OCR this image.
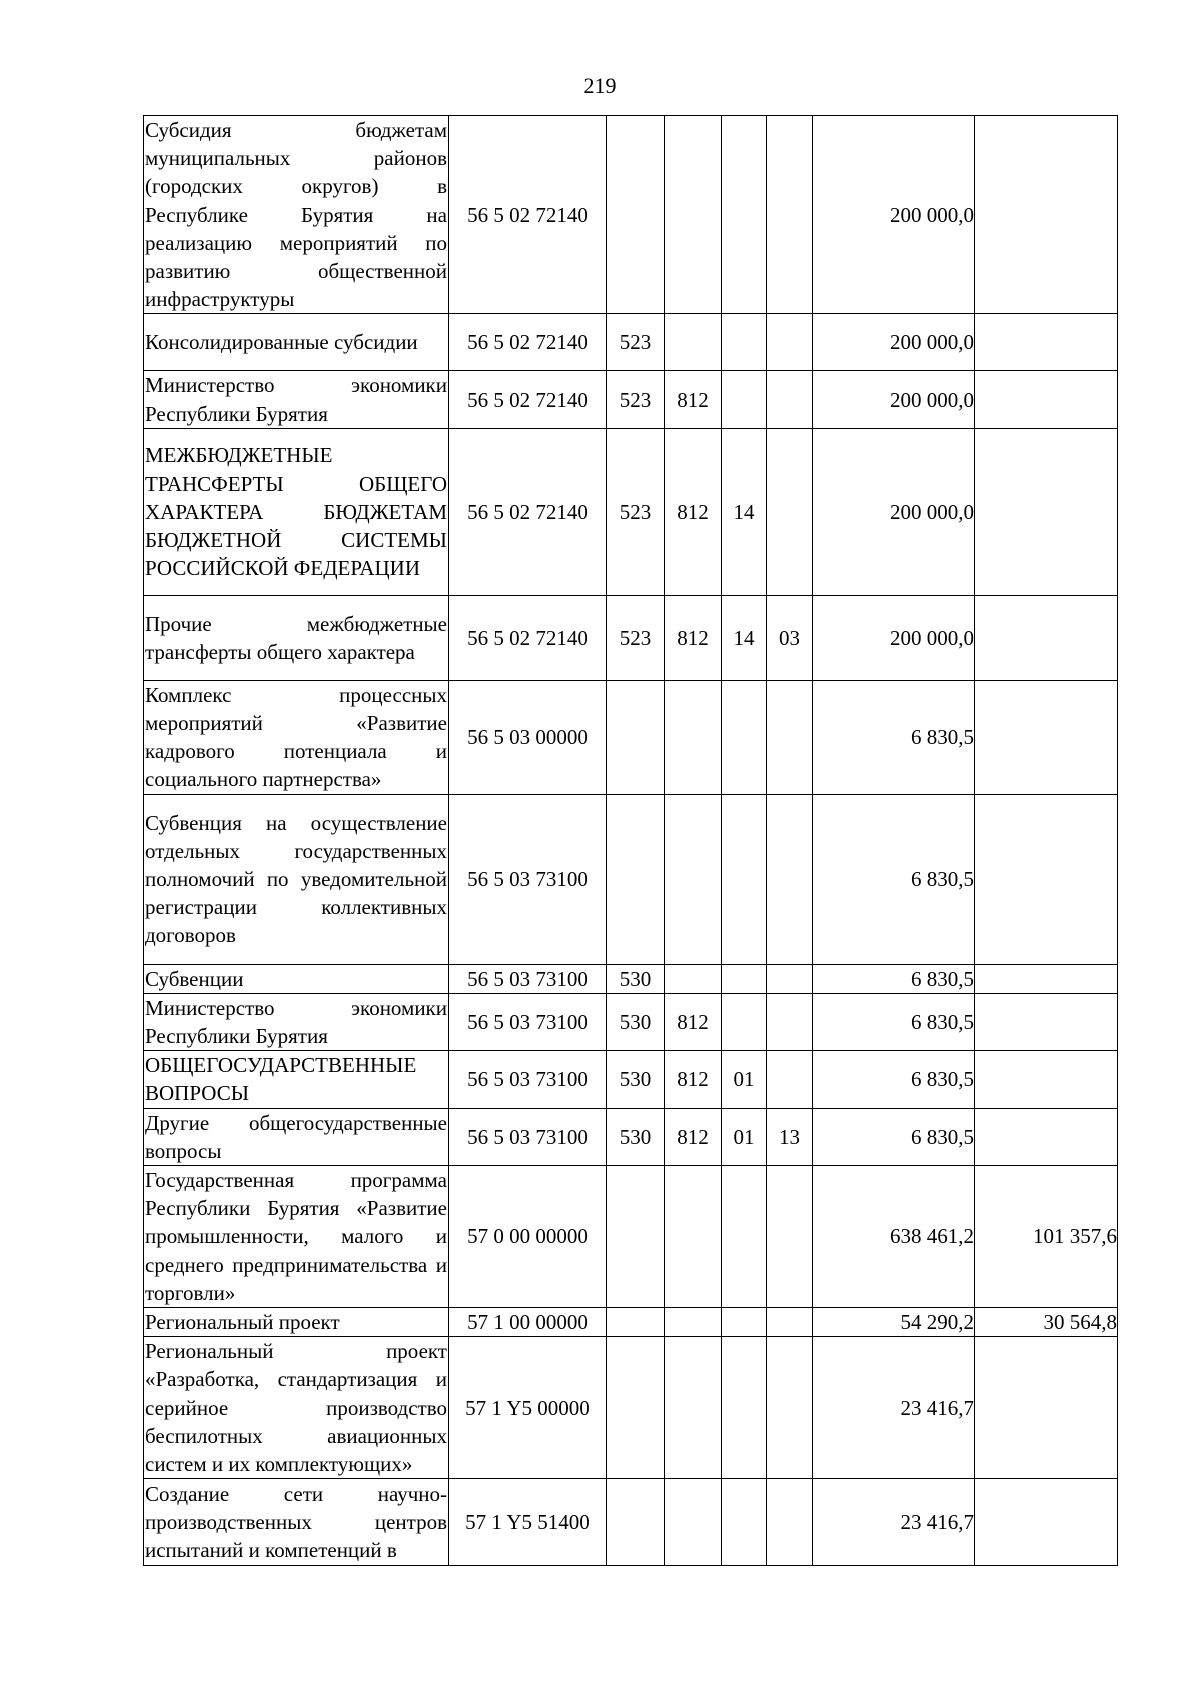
219
Субсидия бюджетам муниципальных районов (городских округов) в Республике Бурятия на реализацию мероприятий по развитию общественной инфраструктуры	56 5 02 72140					200 000,0	
Консолидированные субсидии	56 5 02 72140	523				200 000,0	
Министерство экономики Республики Бурятия	56 5 02 72140	523	812			200 000,0	
МЕЖБЮДЖЕТНЫЕ ТРАНСФЕРТЫ ОБЩЕГО ХАРАКТЕРА БЮДЖЕТАМ БЮДЖЕТНОЙ СИСТЕМЫ РОССИЙСКОЙ ФЕДЕРАЦИИ	56 5 02 72140	523	812	14		200 000,0	
Прочие межбюджетные трансферты общего характера	56 5 02 72140	523	812	14	03	200 000,0	
Комплекс процессных мероприятий «Развитие кадрового потенциала и социального партнерства»	56 5 03 00000					6 830,5	
Субвенция на осуществление отдельных государственных полномочий по уведомительной регистрации коллективных договоров	56 5 03 73100					6 830,5	
Субвенции	56 5 03 73100	530				6 830,5	
Министерство экономики Республики Бурятия	56 5 03 73100	530	812			6 830,5	
ОБЩЕГОСУДАРСТВЕННЫЕ ВОПРОСЫ	56 5 03 73100	530	812	01		6 830,5	
Другие общегосударственные вопросы	56 5 03 73100	530	812	01	13	6 830,5	
Государственная программа Республики Бурятия «Развитие промышленности, малого и среднего предпринимательства и торговли»	57 0 00 00000					638 461,2	101 357,6
Региональный проект	57 1 00 00000					54 290,2	30 564,8
Региональный проект «Разработка, стандартизация и серийное производство беспилотных авиационных систем и их комплектующих»	57 1 Y5 00000					23 416,7	
Создание сети научно-производственных центров испытаний и компетенций в	57 1 Y5 51400					23 416,7	
